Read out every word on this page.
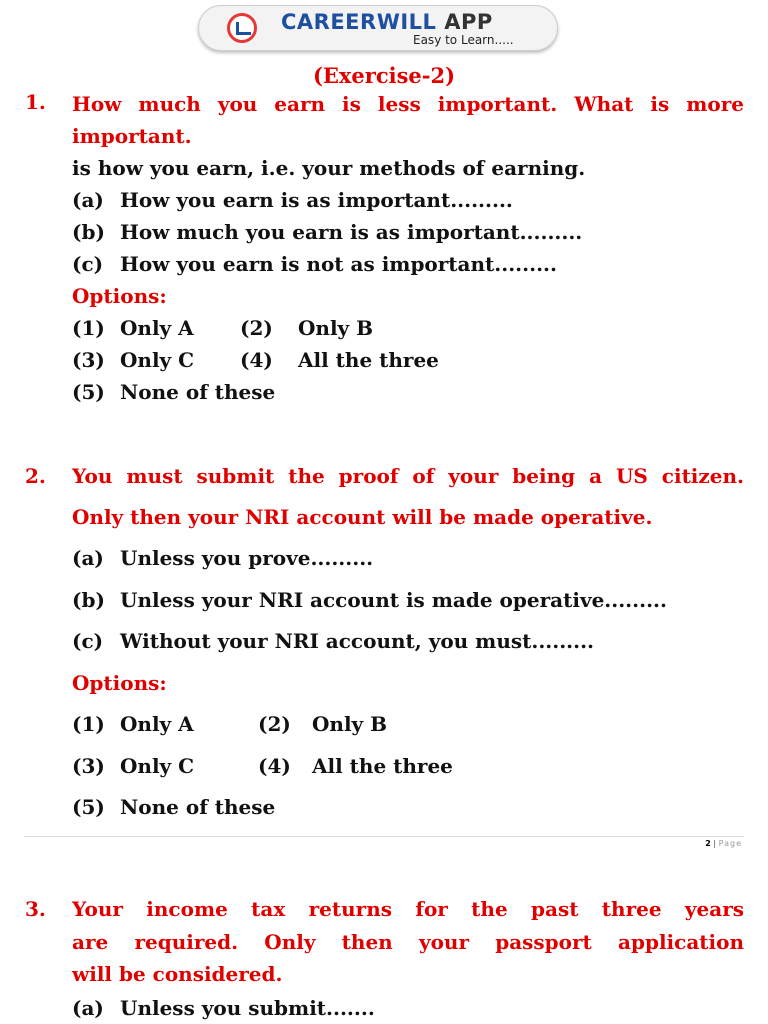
CAREERWILL APP
Easy to Learn.....
(Exercise-2)
1. How much you earn is less important. What is more
important.
is how you earn, i.e. your methods of earning.
(a) How you earn is as important.........
(b) How much you earn is as important.........
(c) How you earn is not as important.........
Options:
(1) Only A (2) Only B
(3) Only C (4) All the three
(5) None of these
2. You must submit the proof of your being a US citizen.
Only then your NRI account will be made operative.
(a) Unless you prove.........
(b) Unless your NRI account is made operative.........
(c) Without your NRI account, you must.........
Options:
(1) Only A	(2) Only B
(3) Only C	(4) All the three
(5) None of these
2 | Page
3. Your income tax returns for the past three years
are required. Only then your passport application
will be considered.
(a) Unless you submit.......
